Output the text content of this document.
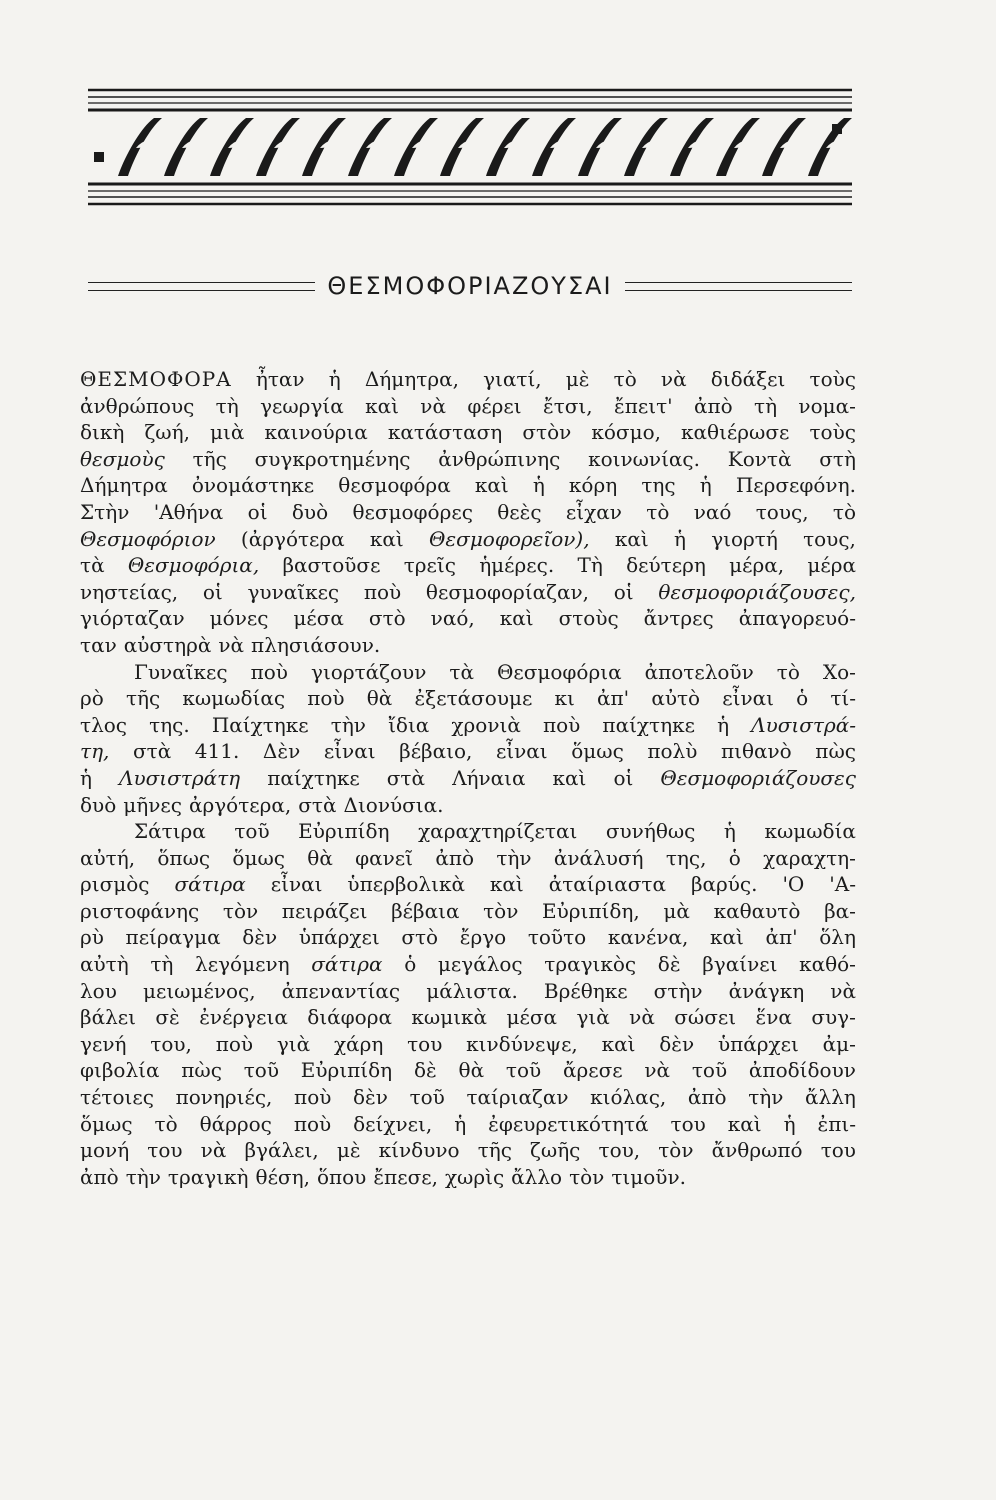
ΘΕΣΜΟΦΟΡΙΑΖΟΥΣΑΙ
ΘΕΣΜΟΦΟΡΑ ἦταν ἡ Δήμητρα, γιατί, μὲ τὸ νὰ διδάξει τοὺς
ἀνθρώπους τὴ γεωργία καὶ νὰ φέρει ἔτσι, ἔπειτ' ἀπὸ τὴ νομα-
δικὴ ζωή, μιὰ καινούρια κατάσταση στὸν κόσμο, καθιέρωσε τοὺς
θεσμοὺς τῆς συγκροτημένης ἀνθρώπινης κοινωνίας. Κοντὰ στὴ
Δήμητρα ὀνομάστηκε θεσμοφόρα καὶ ἡ κόρη της ἡ Περσεφόνη.
Στὴν 'Αθήνα οἱ δυὸ θεσμοφόρες θεὲς εἶχαν τὸ ναό τους, τὸ
Θεσμοφόριον (ἀργότερα καὶ Θεσμοφορεῖον), καὶ ἡ γιορτή τους,
τὰ Θεσμοφόρια, βαστοῦσε τρεῖς ἡμέρες. Τὴ δεύτερη μέρα, μέρα
νηστείας, οἱ γυναῖκες ποὺ θεσμοφορίαζαν, οἱ θεσμοφοριάζουσες,
γιόρταζαν μόνες μέσα στὸ ναό, καὶ στοὺς ἄντρες ἀπαγορευό-
ταν αὐστηρὰ νὰ πλησιάσουν.
Γυναῖκες ποὺ γιορτάζουν τὰ Θεσμοφόρια ἀποτελοῦν τὸ Χο-
ρὸ τῆς κωμωδίας ποὺ θὰ ἐξετάσουμε κι ἀπ' αὐτὸ εἶναι ὁ τί-
τλος της. Παίχτηκε τὴν ἴδια χρονιὰ ποὺ παίχτηκε ἡ Λυσιστρά-
τη, στὰ 411. Δὲν εἶναι βέβαιο, εἶναι ὅμως πολὺ πιθανὸ πὼς
ἡ Λυσιστράτη παίχτηκε στὰ Λήναια καὶ οἱ Θεσμοφοριάζουσες
δυὸ μῆνες ἀργότερα, στὰ Διονύσια.
Σάτιρα τοῦ Εὐριπίδη χαραχτηρίζεται συνήθως ἡ κωμωδία
αὐτή, ὅπως ὅμως θὰ φανεῖ ἀπὸ τὴν ἀνάλυσή της, ὁ χαραχτη-
ρισμὸς σάτιρα εἶναι ὑπερβολικὰ καὶ ἀταίριαστα βαρύς. 'Ο 'Α-
ριστοφάνης τὸν πειράζει βέβαια τὸν Εὐριπίδη, μὰ καθαυτὸ βα-
ρὺ πείραγμα δὲν ὑπάρχει στὸ ἔργο τοῦτο κανένα, καὶ ἀπ' ὅλη
αὐτὴ τὴ λεγόμενη σάτιρα ὁ μεγάλος τραγικὸς δὲ βγαίνει καθό-
λου μειωμένος, ἀπεναντίας μάλιστα. Βρέθηκε στὴν ἀνάγκη νὰ
βάλει σὲ ἐνέργεια διάφορα κωμικὰ μέσα γιὰ νὰ σώσει ἕνα συγ-
γενή του, ποὺ γιὰ χάρη του κινδύνεψε, καὶ δὲν ὑπάρχει ἀμ-
φιβολία πὼς τοῦ Εὐριπίδη δὲ θὰ τοῦ ἄρεσε νὰ τοῦ ἀποδίδουν
τέτοιες πονηριές, ποὺ δὲν τοῦ ταίριαζαν κιόλας, ἀπὸ τὴν ἄλλη
ὅμως τὸ θάρρος ποὺ δείχνει, ἡ ἐφευρετικότητά του καὶ ἡ ἐπι-
μονή του νὰ βγάλει, μὲ κίνδυνο τῆς ζωῆς του, τὸν ἄνθρωπό του
ἀπὸ τὴν τραγικὴ θέση, ὅπου ἔπεσε, χωρὶς ἄλλο τὸν τιμοῦν.
